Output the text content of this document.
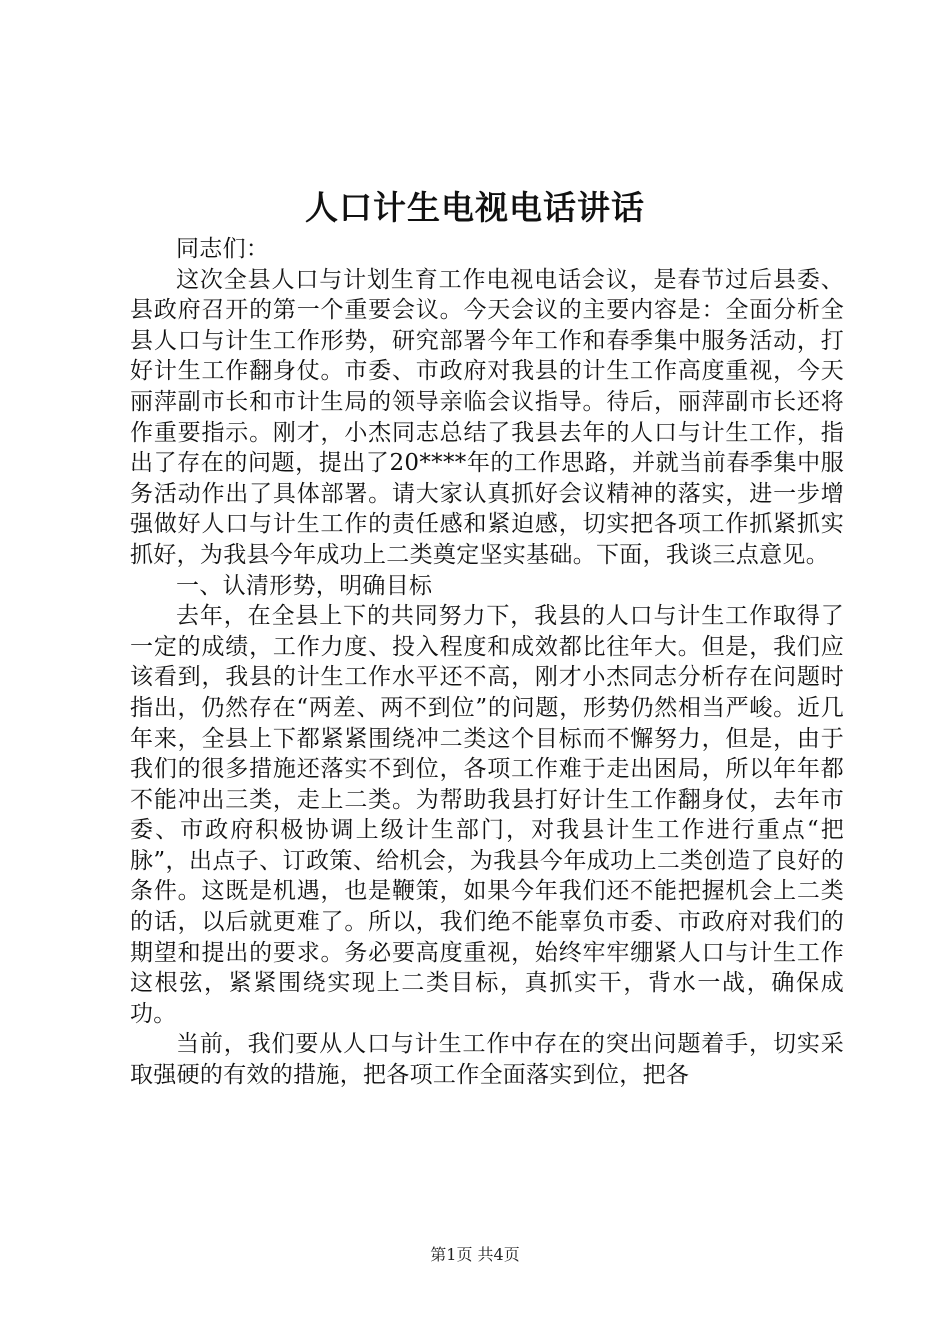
人口计生电视电话讲话

同志们：

这次全县人口与计划生育工作电视电话会议，是春节过后县委、县政府召开的第一个重要会议。今天会议的主要内容是：全面分析全县人口与计生工作形势，研究部署今年工作和春季集中服务活动，打好计生工作翻身仗。市委、市政府对我县的计生工作高度重视，今天丽萍副市长和市计生局的领导亲临会议指导。待后，丽萍副市长还将作重要指示。刚才，小杰同志总结了我县去年的人口与计生工作，指出了存在的问题，提出了20****年的工作思路，并就当前春季集中服务活动作出了具体部署。请大家认真抓好会议精神的落实，进一步增强做好人口与计生工作的责任感和紧迫感，切实把各项工作抓紧抓实抓好，为我县今年成功上二类奠定坚实基础。下面，我谈三点意见。

一、认清形势，明确目标

去年，在全县上下的共同努力下，我县的人口与计生工作取得了一定的成绩，工作力度、投入程度和成效都比往年大。但是，我们应该看到，我县的计生工作水平还不高，刚才小杰同志分析存在问题时指出，仍然存在“两差、两不到位”的问题，形势仍然相当严峻。近几年来，全县上下都紧紧围绕冲二类这个目标而不懈努力，但是，由于我们的很多措施还落实不到位，各项工作难于走出困局，所以年年都不能冲出三类，走上二类。为帮助我县打好计生工作翻身仗，去年市委、市政府积极协调上级计生部门，对我县计生工作进行重点“把脉”，出点子、订政策、给机会，为我县今年成功上二类创造了良好的条件。这既是机遇，也是鞭策，如果今年我们还不能把握机会上二类的话，以后就更难了。所以，我们绝不能辜负市委、市政府对我们的期望和提出的要求。务必要高度重视，始终牢牢绷紧人口与计生工作这根弦，紧紧围绕实现上二类目标，真抓实干，背水一战，确保成功。

当前，我们要从人口与计生工作中存在的突出问题着手，切实采取强硬的有效的措施，把各项工作全面落实到位，把各

第1页 共4页
